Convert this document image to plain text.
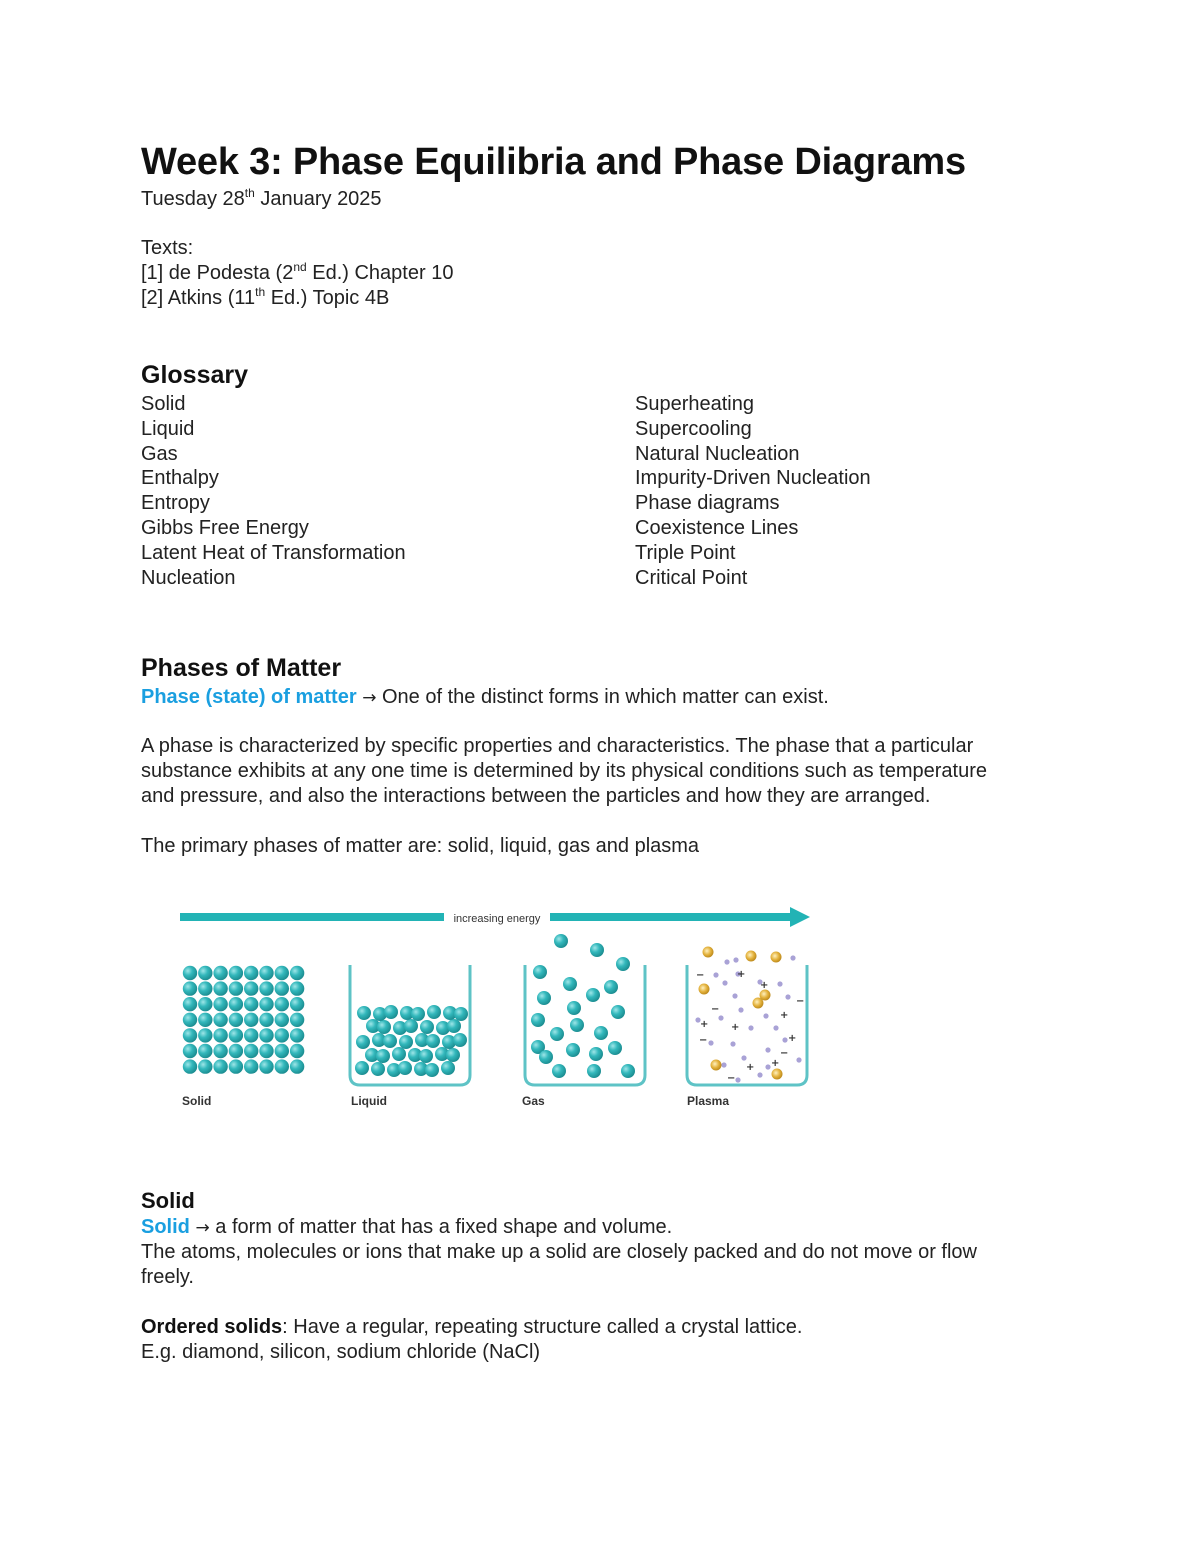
Week 3: Phase Equilibria and Phase Diagrams
Tuesday 28th January 2025
Texts:
[1] de Podesta (2nd Ed.) Chapter 10
[2] Atkins (11th Ed.) Topic 4B
Glossary
Solid
Liquid
Gas
Enthalpy
Entropy
Gibbs Free Energy
Latent Heat of Transformation
Nucleation
Superheating
Supercooling
Natural Nucleation
Impurity-Driven Nucleation
Phase diagrams
Coexistence Lines
Triple Point
Critical Point
Phases of Matter
Phase (state) of matter → One of the distinct forms in which matter can exist.
A phase is characterized by specific properties and characteristics. The phase that a particular
substance exhibits at any one time is determined by its physical conditions such as temperature
and pressure, and also the interactions between the particles and how they are arranged.
The primary phases of matter are: solid, liquid, gas and plasma
increasing energy
+
+
+
+ +
+
+
+
−
−
−
−
−
−
Solid	Liquid	Gas	Plasma
Solid
Solid → a form of matter that has a fixed shape and volume.
The atoms, molecules or ions that make up a solid are closely packed and do not move or flow
freely.
Ordered solids: Have a regular, repeating structure called a crystal lattice.
E.g. diamond, silicon, sodium chloride (NaCl)
